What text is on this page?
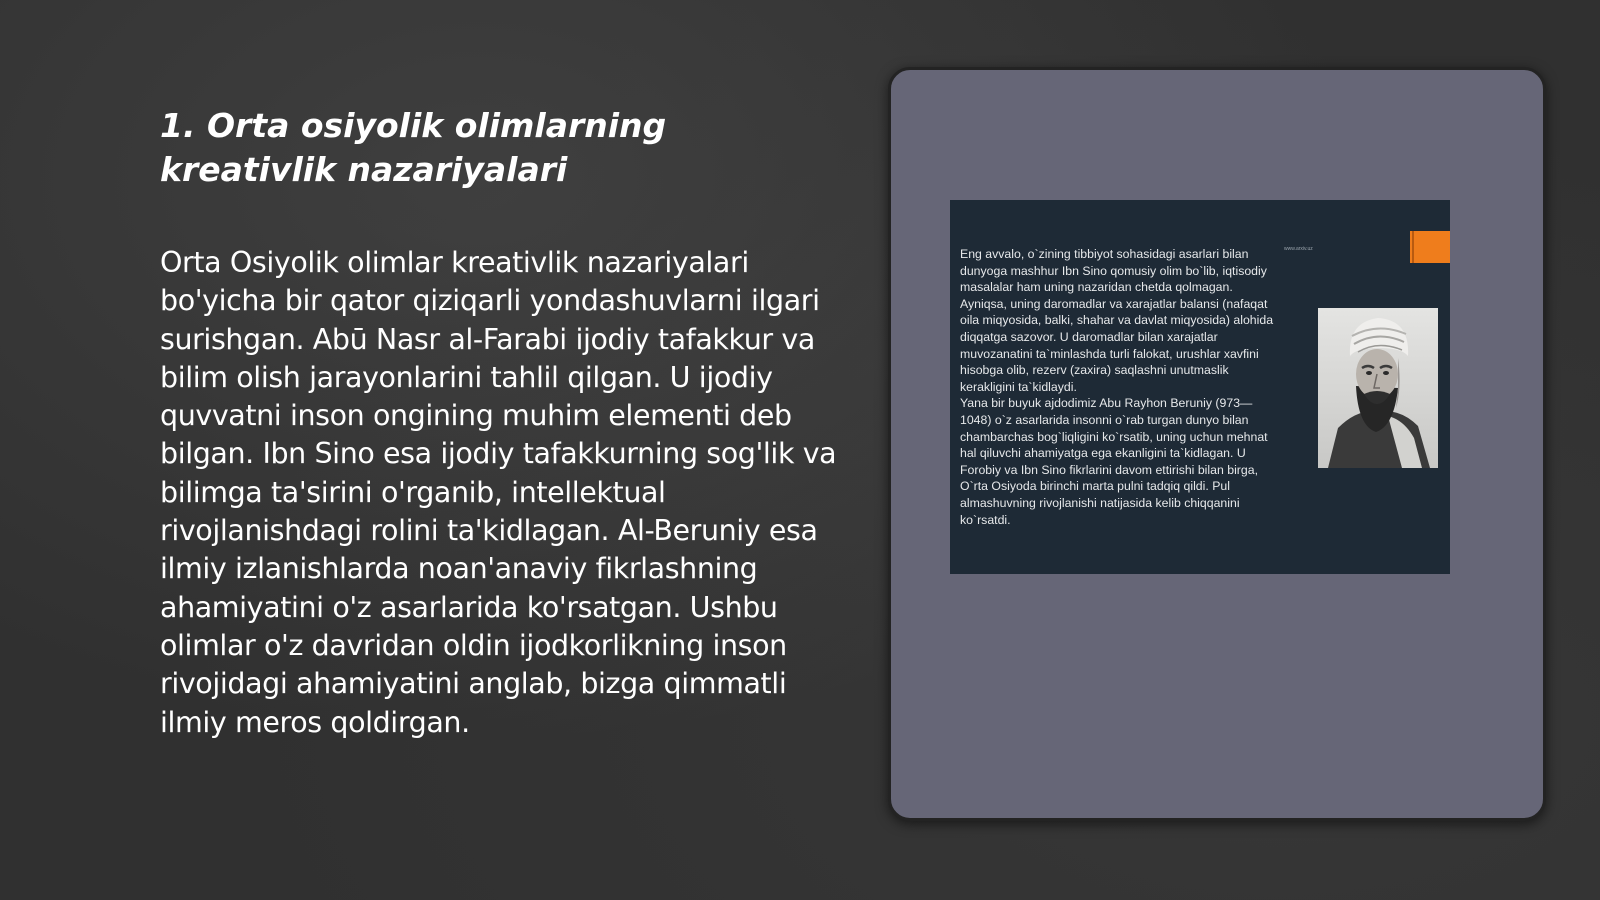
1. Orta osiyolik olimlarning kreativlik nazariyalari

Orta Osiyolik olimlar kreativlik nazariyalari bo'yicha bir qator qiziqarli yondashuvlarni ilgari surishgan. Abū Nasr al-Farabi ijodiy tafakkur va bilim olish jarayonlarini tahlil qilgan. U ijodiy quvvatni inson ongining muhim elementi deb bilgan. Ibn Sino esa ijodiy tafakkurning sog'lik va bilimga ta'sirini o'rganib, intellektual rivojlanishdagi rolini ta'kidlagan. Al-Beruniy esa ilmiy izlanishlarda noan'anaviy fikrlashning ahamiyatini o'z asarlarida ko'rsatgan. Ushbu olimlar o'z davridan oldin ijodkorlikning inson rivojidagi ahamiyatini anglab, bizga qimmatli ilmiy meros qoldirgan.

Eng avvalo, o`zining tibbiyot sohasidagi asarlari bilan
dunyoga mashhur Ibn Sino qomusiy olim bo`lib, iqtisodiy
masalalar ham uning nazaridan chetda qolmagan.
Ayniqsa, uning daromadlar va xarajatlar balansi (nafaqat
oila miqyosida, balki, shahar va davlat miqyosida) alohida
diqqatga sazovor. U daromadlar bilan xarajatlar
muvozanatini ta`minlashda turli falokat, urushlar xavfini
hisobga olib, rezerv (zaxira) saqlashni unutmaslik
kerakligini ta`kidlaydi.
Yana bir buyuk ajdodimiz Abu Rayhon Beruniy (973—
1048) o`z asarlarida insonni o`rab turgan dunyo bilan
chambarchas bog`liqligini ko`rsatib, uning uchun mehnat
hal qiluvchi ahamiyatga ega ekanligini ta`kidlagan. U
Forobiy va Ibn Sino fikrlarini davom ettirishi bilan birga,
O`rta Osiyoda birinchi marta pulni tadqiq qildi. Pul
almashuvning rivojlanishi natijasida kelib chiqqanini
ko`rsatdi.

www.arxiv.uz
